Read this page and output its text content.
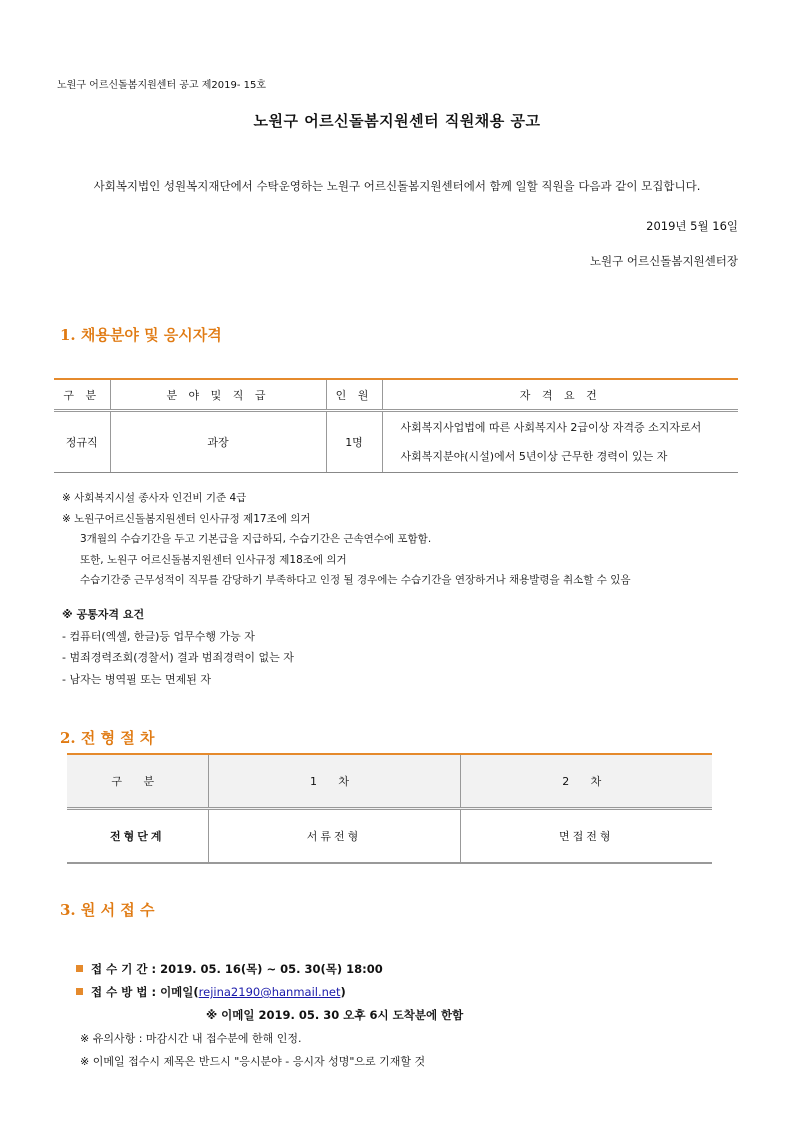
노원구 어르신돌봄지원센터 공고 제2019- 15호
노원구 어르신돌봄지원센터 직원채용 공고
사회복지법인 성원복지재단에서 수탁운영하는 노원구 어르신돌봄지원센터에서 함께 일할 직원을 다음과 같이 모집합니다.
2019년 5월 16일
노원구 어르신돌봄지원센터장
1. 채용분야 및 응시자격
구 분	분 야 및 직 급	인 원	자 격 요 건
정규직	과장	1명	사회복지사업법에 따른 사회복지사 2급이상 자격증 소지자로서
사회복지분야(시설)에서 5년이상 근무한 경력이 있는 자
※ 사회복지시설 종사자 인건비 기준 4급
※ 노원구어르신돌봄지원센터 인사규정 제17조에 의거
3개월의 수습기간을 두고 기본급을 지급하되, 수습기간은 근속연수에 포함함.
또한, 노원구 어르신돌봄지원센터 인사규정 제18조에 의거
수습기간중 근무성적이 직무를 감당하기 부족하다고 인정 될 경우에는 수습기간을 연장하거나 채용발령을 취소할 수 있음
※ 공통자격 요건
- 컴퓨터(엑셀, 한글)등 업무수행 가능 자
- 범죄경력조회(경찰서) 결과 범죄경력이 없는 자
- 남자는 병역필 또는 면제된 자
2. 전 형 절 차
구 분	1 차	2 차
전형단계	서류전형	면접전형
3. 원 서 접 수
접 수 기 간 : 2019. 05. 16(목) ∼ 05. 30(목) 18:00
접 수 방 법 : 이메일(rejina2190@hanmail.net)
※ 이메일 2019. 05. 30 오후 6시 도착분에 한함
※ 유의사항 : 마감시간 내 접수분에 한해 인정.
※ 이메일 접수시 제목은 반드시 "응시분야 - 응시자 성명"으로 기재할 것
